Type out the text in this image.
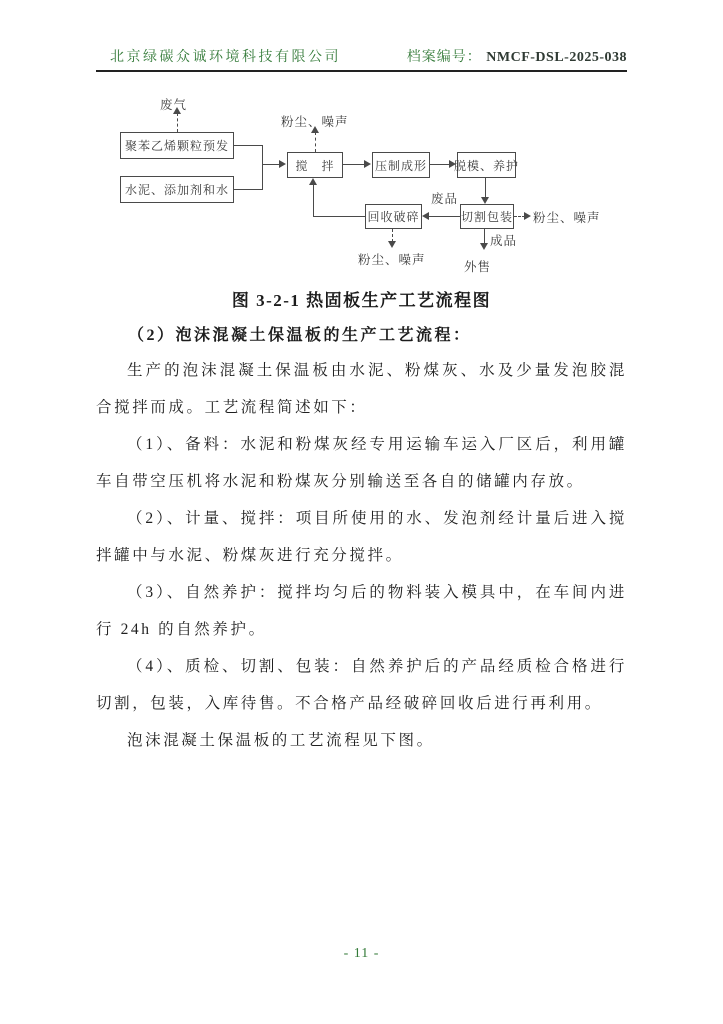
北京绿碳众诚环境科技有限公司	档案编号： NMCF-DSL-2025-038
废气
粉尘、噪声
废品
粉尘、噪声
成品
外售
粉尘、噪声
聚苯乙烯颗粒预发
水泥、添加剂和水
搅　拌	压制成形 脱模、养护
切割包装
回收破碎
图 3-2-1 热固板生产工艺流程图
（2）泡沫混凝土保温板的生产工艺流程：

生产的泡沫混凝土保温板由水泥、粉煤灰、水及少量发泡胶混合搅拌而成。工艺流程简述如下：

（1）、备料：水泥和粉煤灰经专用运输车运入厂区后，利用罐车自带空压机将水泥和粉煤灰分别输送至各自的储罐内存放。

（2）、计量、搅拌：项目所使用的水、发泡剂经计量后进入搅拌罐中与水泥、粉煤灰进行充分搅拌。

（3）、自然养护：搅拌均匀后的物料装入模具中，在车间内进行 24h 的自然养护。

（4）、质检、切割、包装：自然养护后的产品经质检合格进行切割，包装，入库待售。不合格产品经破碎回收后进行再利用。

泡沫混凝土保温板的工艺流程见下图。

- 11 -
